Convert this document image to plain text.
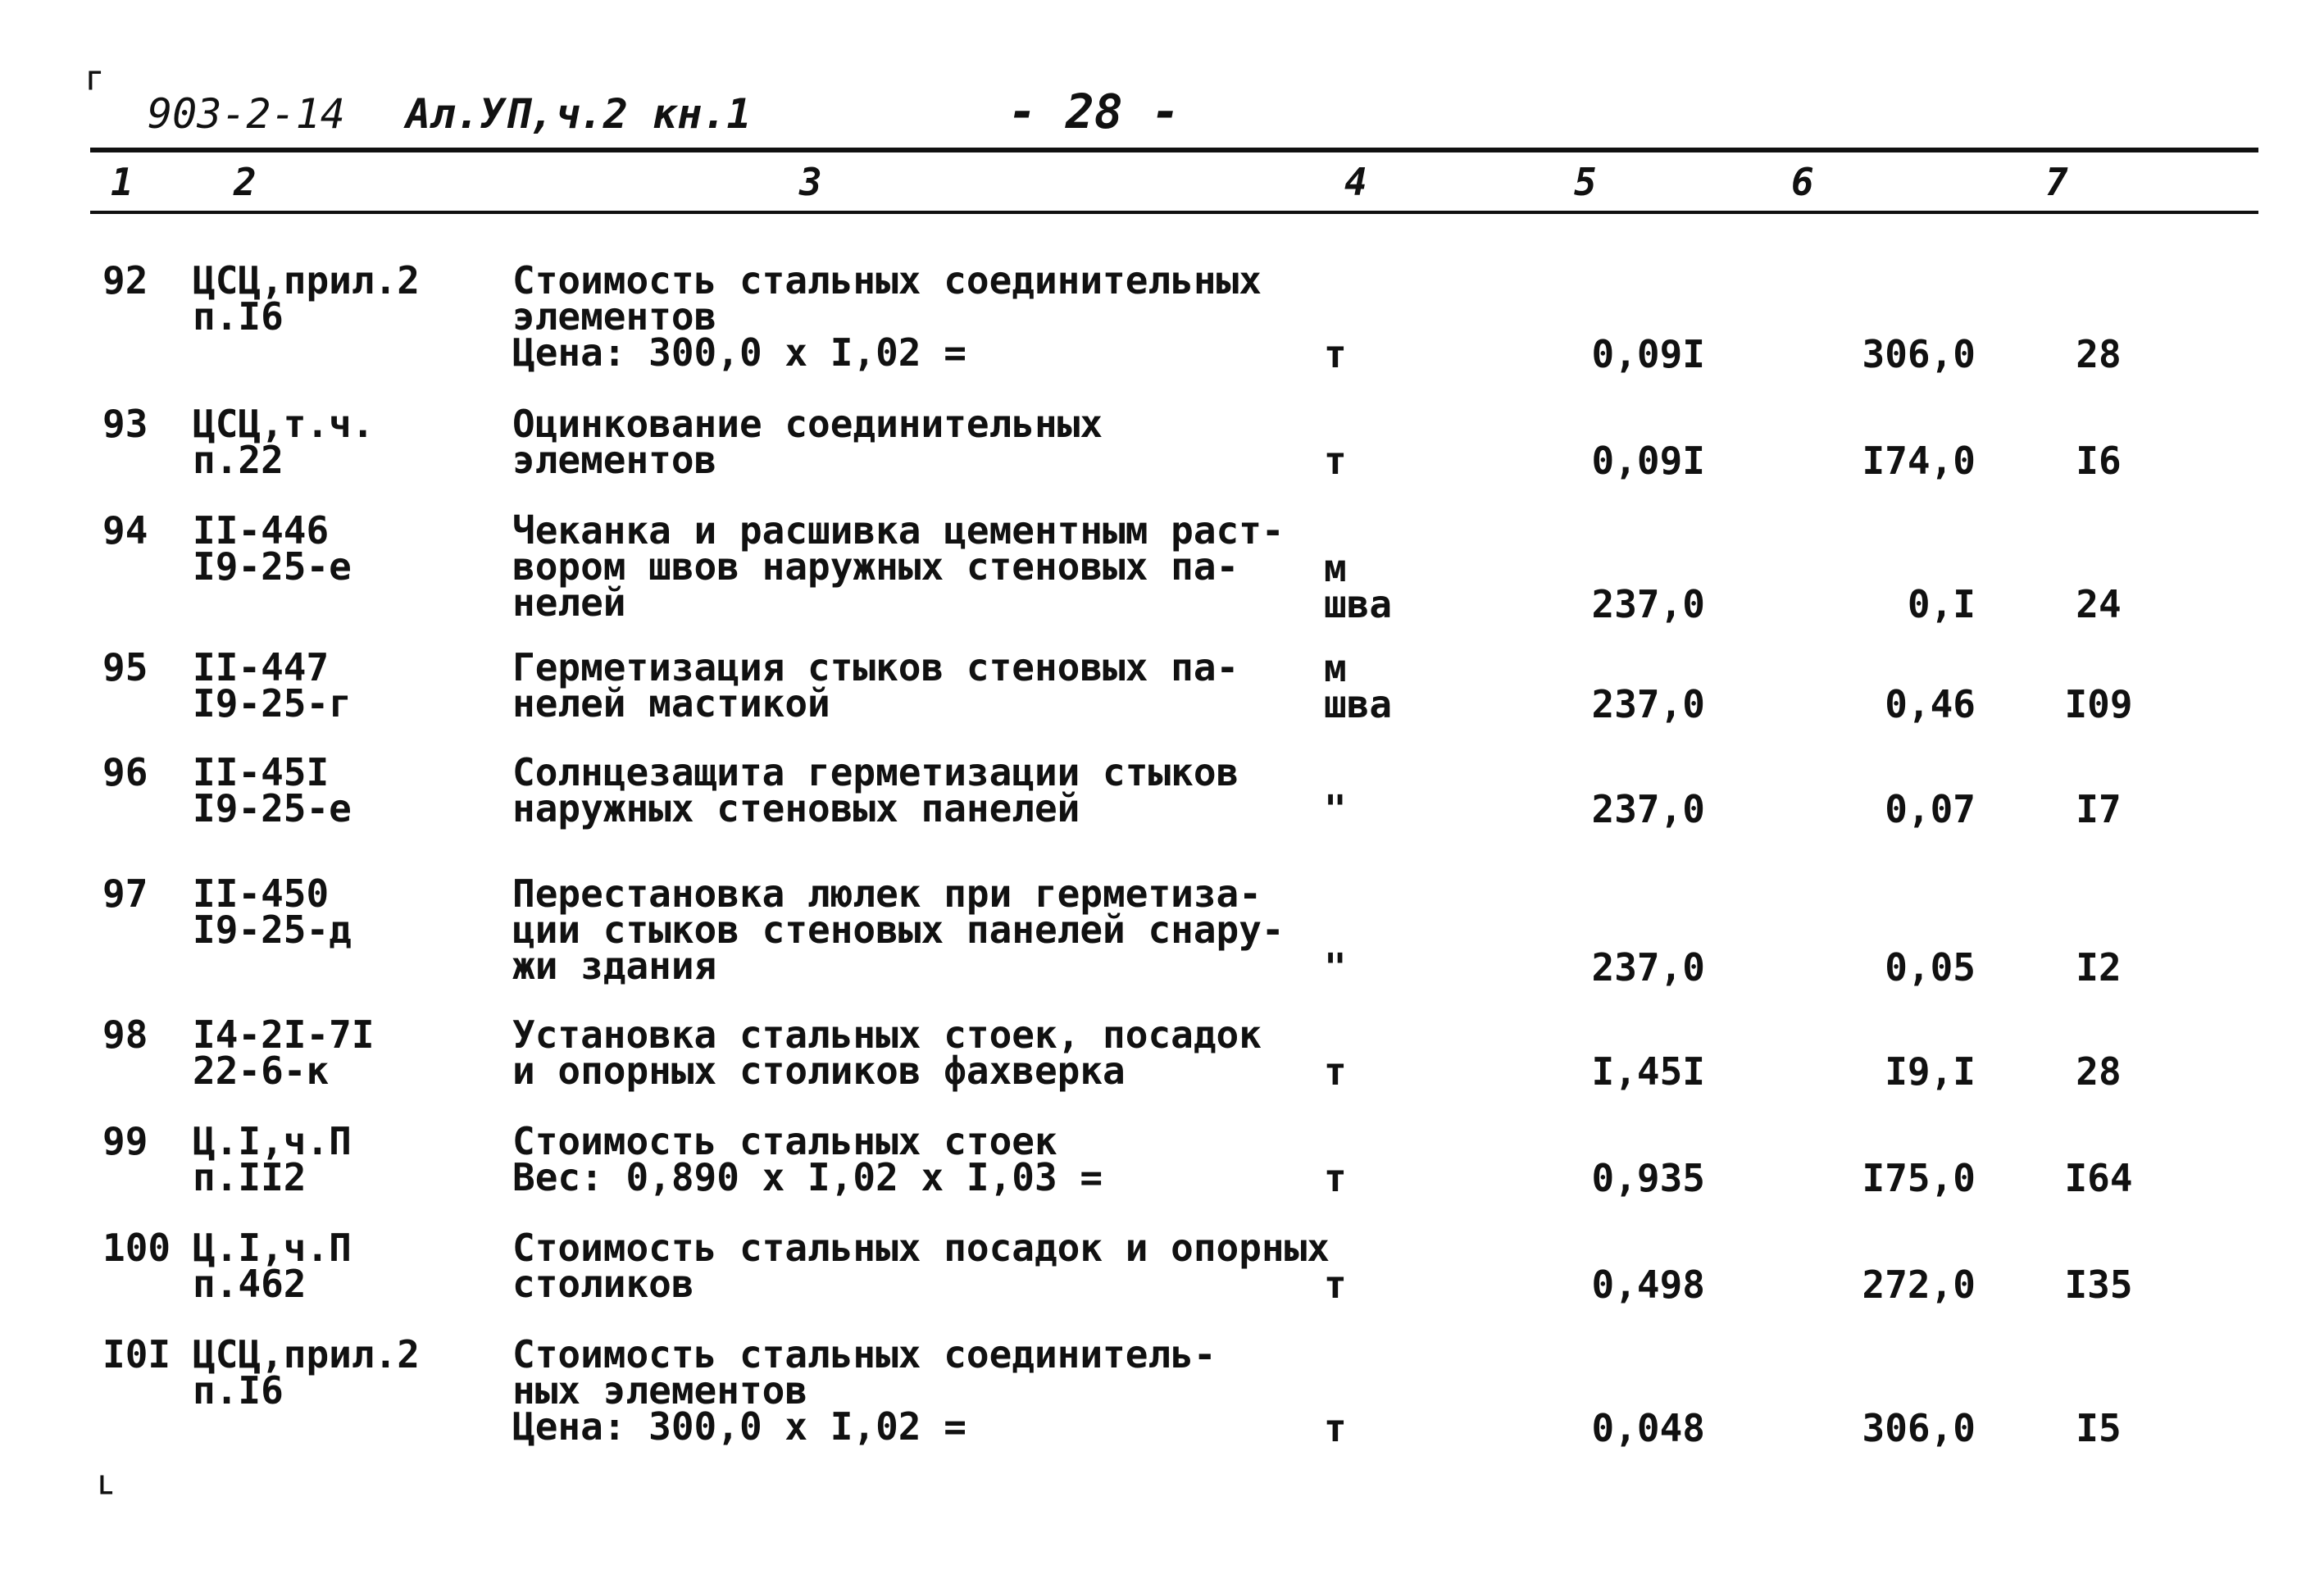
ᒥ
ᒪ
903-2-14 Ал.УП,ч.2 кн.1	- 28 -
1	2	3	4	5	6	7
92 ЦСЦ,прил.2
п.I6
Стоимость стальных соединительных
элементов
Цена: 300,0 x I,02 =	т	0,09I	306,0	28
93 ЦСЦ,т.ч.
п.22
Оцинкование соединительных
элементов	т	0,09I	I74,0	I6
94 II-446
I9-25-е
Чеканка и расшивка цементным раст-
вором швов наружных стеновых па-
нелей
м
шва	237,0	0,I	24
95 II-447
I9-25-г
Герметизация стыков стеновых па-
нелей мастикой
м
шва	237,0	0,46	I09
96 II-45I
I9-25-е
Солнцезащита герметизации стыков
наружных стеновых панелей	"	237,0	0,07	I7
97 II-450
I9-25-д
Перестановка люлек при герметиза-
ции стыков стеновых панелей снару-
жи здания	"	237,0	0,05	I2
98 I4-2I-7I
22-6-к
Установка стальных стоек, посадок
и опорных столиков фахверка	т	I,45I	I9,I	28
99 Ц.I,ч.П
п.II2
Стоимость стальных стоек
Вес: 0,890 x I,02 x I,03 =	т	0,935	I75,0	I64
100 Ц.I,ч.П
п.462
Стоимость стальных посадок и опорных
столиков	т	0,498	272,0	I35
I0I ЦСЦ,прил.2
п.I6
Стоимость стальных соединитель-
ных элементов
Цена: 300,0 x I,02 =	т	0,048	306,0	I5
